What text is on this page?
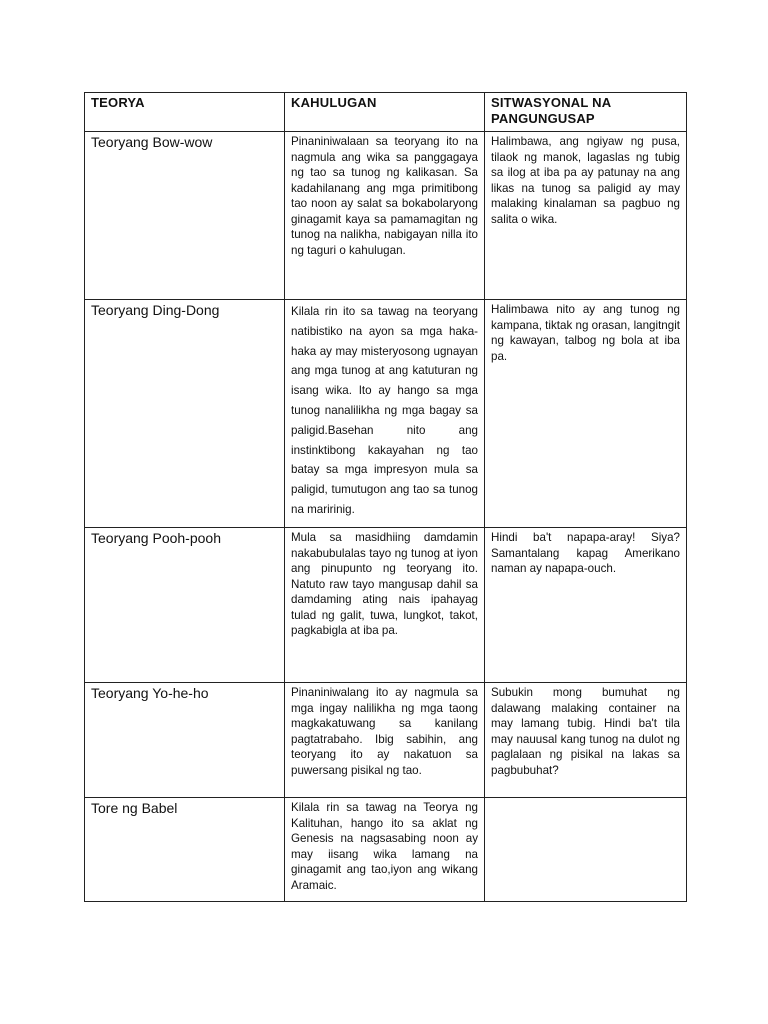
TEORYA	KAHULUGAN	SITWASYONAL NA PANGUNGUSAP
Teoryang Bow-wow	Pinaniniwalaan sa teoryang ito na nagmula ang wika sa panggagaya ng tao sa tunog ng kalikasan. Sa kadahilanang ang mga primitibong tao noon ay salat sa bokabolaryong ginagamit kaya sa pamamagitan ng tunog na nalikha, nabigayan nilla ito ng taguri o kahulugan.	Halimbawa, ang ngiyaw ng pusa, tilaok ng manok, lagaslas ng tubig sa ilog at iba pa ay patunay na ang likas na tunog sa paligid ay may malaking kinalaman sa pagbuo ng salita o wika.
Teoryang Ding-Dong	Kilala rin ito sa tawag na teoryang natibistiko na ayon sa mga haka-haka ay may misteryosong ugnayan ang mga tunog at ang katuturan ng isang wika. Ito ay hango sa mga tunog nanalilikha ng mga bagay sa paligid.Basehan nito ang instinktibong kakayahan ng tao batay sa mga impresyon mula sa paligid, tumutugon ang tao sa tunog na maririnig.	Halimbawa nito ay ang tunog ng kampana, tiktak ng orasan, langitngit ng kawayan, talbog ng bola at iba pa.
Teoryang Pooh-pooh	Mula sa masidhiing damdamin nakabubulalas tayo ng tunog at iyon ang pinupunto ng teoryang ito. Natuto raw tayo mangusap dahil sa damdaming ating nais ipahayag tulad ng galit, tuwa, lungkot, takot, pagkabigla at iba pa.	Hindi ba't napapa-aray! Siya? Samantalang kapag Amerikano naman ay napapa-ouch.
Teoryang Yo-he-ho	Pinaniniwalang ito ay nagmula sa mga ingay nalilikha ng mga taong magkakatuwang sa kanilang pagtatrabaho. Ibig sabihin, ang teoryang ito ay nakatuon sa puwersang pisikal ng tao.	Subukin mong bumuhat ng dalawang malaking container na may lamang tubig. Hindi ba't tila may nauusal kang tunog na dulot ng paglalaan ng pisikal na lakas sa pagbubuhat?
Tore ng Babel	Kilala rin sa tawag na Teorya ng Kalituhan, hango ito sa aklat ng Genesis na nagsasabing noon ay may iisang wika lamang na ginagamit ang tao,iyon ang wikang Aramaic.	
